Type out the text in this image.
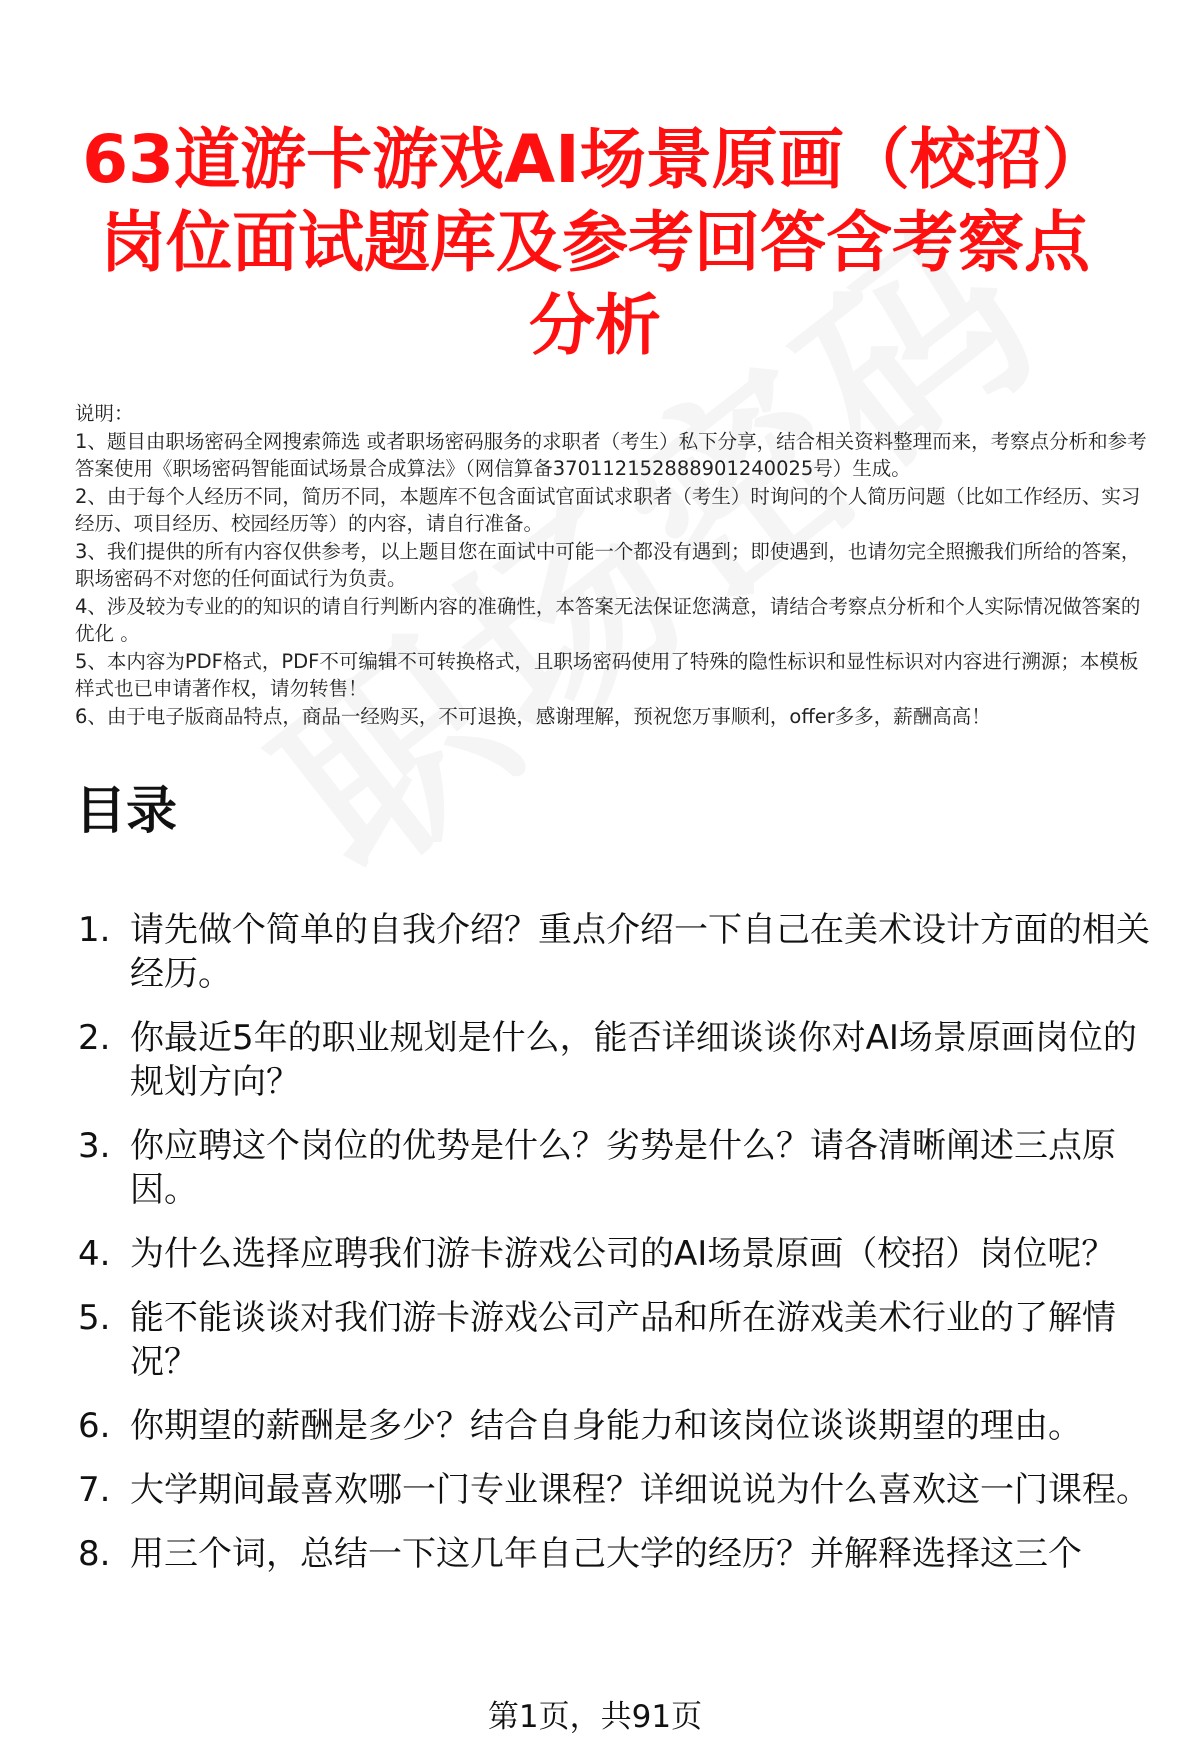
63道游卡游戏AI场景原画（校招）
岗位面试题库及参考回答含考察点
分析

说明：

1、题目由职场密码全网搜索筛选 或者职场密码服务的求职者（考生）私下分享，结合相关资料整理而来，考察点分析和参考答案使用《职场密码智能面试场景合成算法》（网信算备370112152888901240025号）生成。

2、由于每个人经历不同，简历不同，本题库不包含面试官面试求职者（考生）时询问的个人简历问题（比如工作经历、实习经历、项目经历、校园经历等）的内容，请自行准备。

3、我们提供的所有内容仅供参考，以上题目您在面试中可能一个都没有遇到；即使遇到，也请勿完全照搬我们所给的答案，职场密码不对您的任何面试行为负责。

4、涉及较为专业的的知识的请自行判断内容的准确性，本答案无法保证您满意，请结合考察点分析和个人实际情况做答案的优化 。

5、本内容为PDF格式，PDF不可编辑不可转换格式，且职场密码使用了特殊的隐性标识和显性标识对内容进行溯源；本模板样式也已申请著作权，请勿转售！

6、由于电子版商品特点，商品一经购买，不可退换，感谢理解，预祝您万事顺利，offer多多，薪酬高高！

目录
1. 请先做个简单的自我介绍？重点介绍一下自己在美术设计方面的相关经历。
2. 你最近5年的职业规划是什么，能否详细谈谈你对AI场景原画岗位的规划方向？
3. 你应聘这个岗位的优势是什么？劣势是什么？请各清晰阐述三点原因。
4. 为什么选择应聘我们游卡游戏公司的AI场景原画（校招）岗位呢？
5. 能不能谈谈对我们游卡游戏公司产品和所在游戏美术行业的了解情况？
6. 你期望的薪酬是多少？结合自身能力和该岗位谈谈期望的理由。
7. 大学期间最喜欢哪一门专业课程？详细说说为什么喜欢这一门课程。
8. 用三个词，总结一下这几年自己大学的经历？并解释选择这三个
第1页，共91页
